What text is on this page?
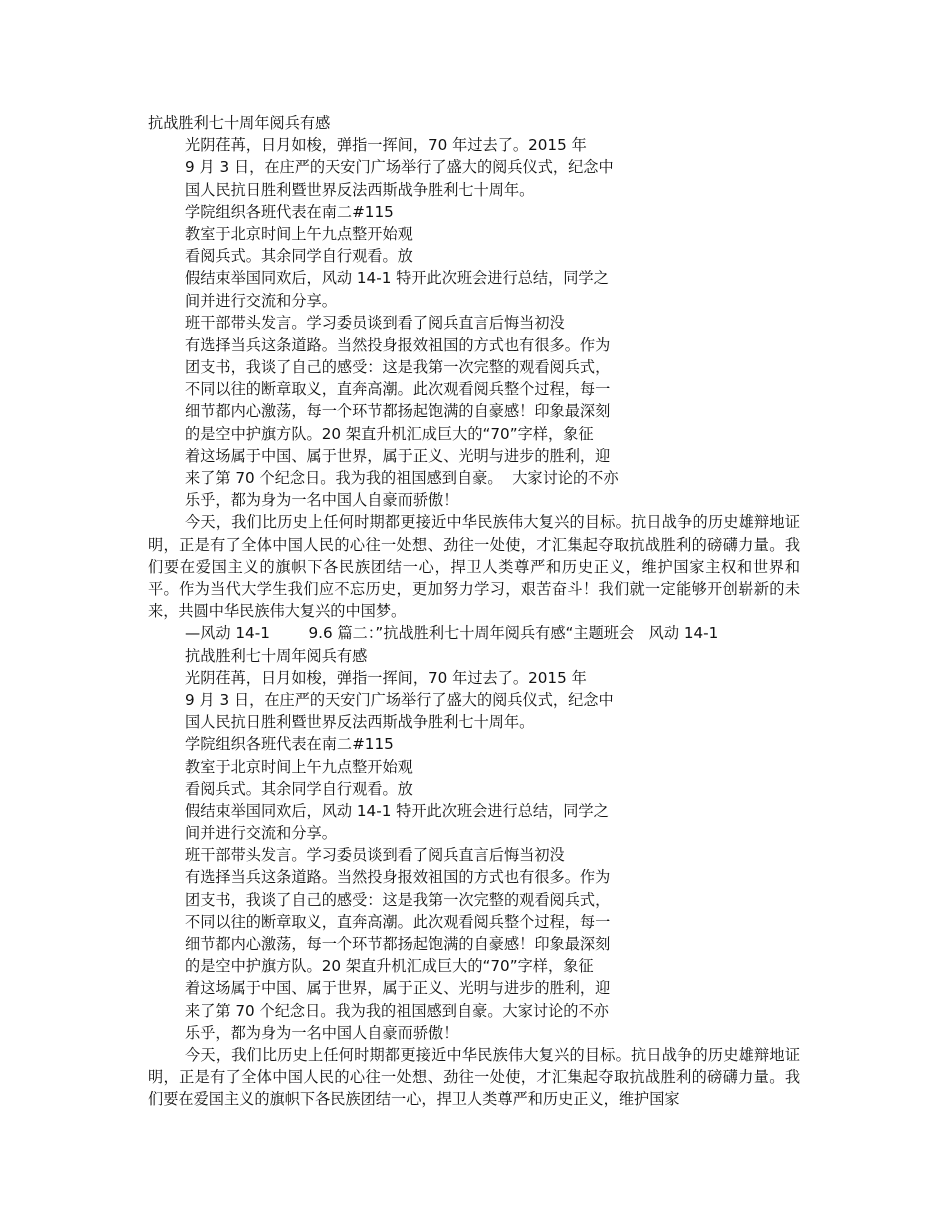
抗战胜利七十周年阅兵有感
光阴荏苒，日月如梭，弹指一挥间，70 年过去了。2015 年
9 月 3 日，在庄严的天安门广场举行了盛大的阅兵仪式，纪念中
国人民抗日胜利暨世界反法西斯战争胜利七十周年。
学院组织各班代表在南二#115
教室于北京时间上午九点整开始观
看阅兵式。其余同学自行观看。放
假结束举国同欢后，风动 14-1 特开此次班会进行总结，同学之
间并进行交流和分享。
班干部带头发言。学习委员谈到看了阅兵直言后悔当初没
有选择当兵这条道路。当然投身报效祖国的方式也有很多。作为
团支书，我谈了自己的感受：这是我第一次完整的观看阅兵式，
不同以往的断章取义，直奔高潮。此次观看阅兵整个过程，每一
细节都内心激荡，每一个环节都扬起饱满的自豪感！印象最深刻
的是空中护旗方队。20 架直升机汇成巨大的“70”字样，象征
着这场属于中国、属于世界，属于正义、光明与进步的胜利，迎
来了第 70 个纪念日。我为我的祖国感到自豪。  大家讨论的不亦
乐乎，都为身为一名中国人自豪而骄傲！
今天，我们比历史上任何时期都更接近中华民族伟大复兴的目标。抗日战争的历史雄辩地证明，正是有了全体中国人民的心往一处想、劲往一处使，才汇集起夺取抗战胜利的磅礴力量。我们要在爱国主义的旗帜下各民族团结一心，捍卫人类尊严和历史正义，维护国家主权和世界和平。作为当代大学生我们应不忘历史，更加努力学习，艰苦奋斗！我们就一定能够开创崭新的未来，共圆中华民族伟大复兴的中国梦。
—风动 14-1        9.6 篇二：”抗战胜利七十周年阅兵有感“主题班会   风动 14-1
抗战胜利七十周年阅兵有感
光阴荏苒，日月如梭，弹指一挥间，70 年过去了。2015 年
9 月 3 日，在庄严的天安门广场举行了盛大的阅兵仪式，纪念中
国人民抗日胜利暨世界反法西斯战争胜利七十周年。
学院组织各班代表在南二#115
教室于北京时间上午九点整开始观
看阅兵式。其余同学自行观看。放
假结束举国同欢后，风动 14-1 特开此次班会进行总结，同学之
间并进行交流和分享。
班干部带头发言。学习委员谈到看了阅兵直言后悔当初没
有选择当兵这条道路。当然投身报效祖国的方式也有很多。作为
团支书，我谈了自己的感受：这是我第一次完整的观看阅兵式，
不同以往的断章取义，直奔高潮。此次观看阅兵整个过程，每一
细节都内心激荡，每一个环节都扬起饱满的自豪感！印象最深刻
的是空中护旗方队。20 架直升机汇成巨大的“70”字样，象征
着这场属于中国、属于世界，属于正义、光明与进步的胜利，迎
来了第 70 个纪念日。我为我的祖国感到自豪。大家讨论的不亦
乐乎，都为身为一名中国人自豪而骄傲！
今天，我们比历史上任何时期都更接近中华民族伟大复兴的目标。抗日战争的历史雄辩地证明，正是有了全体中国人民的心往一处想、劲往一处使，才汇集起夺取抗战胜利的磅礴力量。我们要在爱国主义的旗帜下各民族团结一心，捍卫人类尊严和历史正义，维护国家
